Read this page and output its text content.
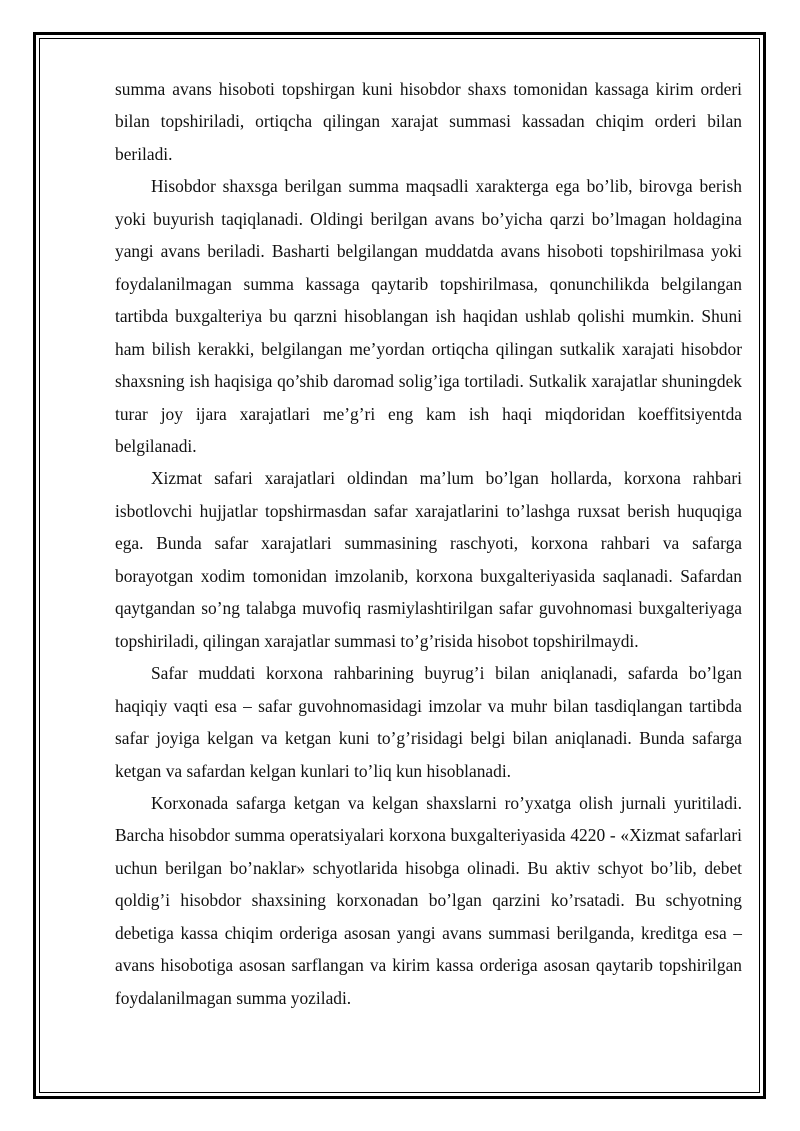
summa avans hisoboti topshirgan kuni hisobdor shaxs tomonidan kassaga kirim orderi bilan topshiriladi, ortiqcha qilingan xarajat summasi kassadan chiqim orderi bilan beriladi.

Hisobdor shaxsga berilgan summa maqsadli xarakterga ega bo’lib, birovga berish yoki buyurish taqiqlanadi. Oldingi berilgan avans bo’yicha qarzi bo’lmagan holdagina yangi avans beriladi. Basharti belgilangan muddatda avans hisoboti topshirilmasa yoki foydalanilmagan summa kassaga qaytarib topshirilmasa, qonunchilikda belgilangan tartibda buxgalteriya bu qarzni hisoblangan ish haqidan ushlab qolishi mumkin. Shuni ham bilish kerakki, belgilangan me’yordan ortiqcha qilingan sutkalik xarajati hisobdor shaxsning ish haqisiga qo’shib daromad solig’iga tortiladi. Sutkalik xarajatlar shuningdek turar joy ijara xarajatlari me’g’ri eng kam ish haqi miqdoridan koeffitsiyentda belgilanadi.

Xizmat safari xarajatlari oldindan ma’lum bo’lgan hollarda, korxona rahbari isbotlovchi hujjatlar topshirmasdan safar xarajatlarini to’lashga ruxsat berish huquqiga ega. Bunda safar xarajatlari summasining raschyoti, korxona rahbari va safarga borayotgan xodim tomonidan imzolanib, korxona buxgalteriyasida saqlanadi. Safardan qaytgandan so’ng talabga muvofiq rasmiylashtirilgan safar guvohnomasi buxgalteriyaga topshiriladi, qilingan xarajatlar summasi to’g’risida hisobot topshirilmaydi.

Safar muddati korxona rahbarining buyrug’i bilan aniqlanadi, safarda bo’lgan haqiqiy vaqti esa – safar guvohnomasidagi imzolar va muhr bilan tasdiqlangan tartibda safar joyiga kelgan va ketgan kuni to’g’risidagi belgi bilan aniqlanadi. Bunda safarga ketgan va safardan kelgan kunlari to’liq kun hisoblanadi.

Korxonada safarga ketgan va kelgan shaxslarni ro’yxatga olish jurnali yuritiladi. Barcha hisobdor summa operatsiyalari korxona buxgalteriyasida 4220 - «Xizmat safarlari uchun berilgan bo’naklar» schyotlarida hisobga olinadi. Bu aktiv schyot bo’lib, debet qoldig’i hisobdor shaxsining korxonadan bo’lgan qarzini ko’rsatadi. Bu schyotning debetiga kassa chiqim orderiga asosan yangi avans summasi berilganda, kreditga esa – avans hisobotiga asosan sarflangan va kirim kassa orderiga asosan qaytarib topshirilgan foydalanilmagan summa yoziladi.
